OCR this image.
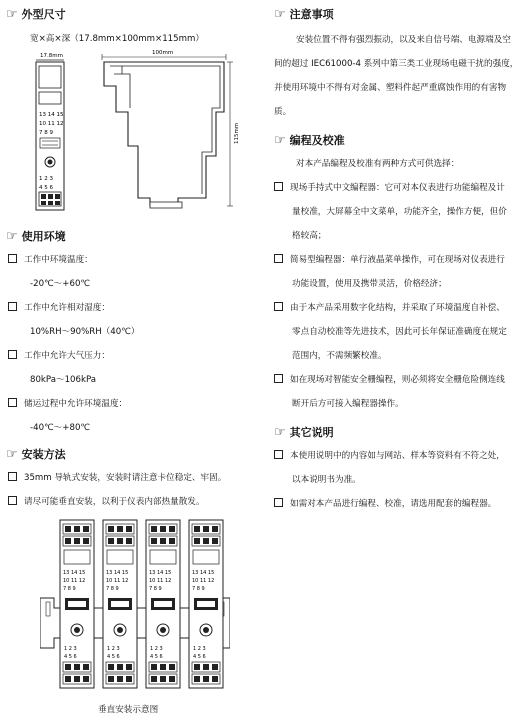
☞ 外型尺寸
宽×高×深（17.8mm×100mm×115mm）
13 14 15
10 11 12
7 8 9
1 2 3
4 5 6
17.8mm	100mm
115mm
☞ 使用环境
工作中环境温度：
-20℃～+60℃
工作中允许相对湿度：
10%RH～90%RH（40℃）
工作中允许大气压力：
80kPa～106kPa
储运过程中允许环境温度：
-40℃～+80℃
☞ 安装方法
35mm 导轨式安装，安装时请注意卡位稳定、牢固。
请尽可能垂直安装，以利于仪表内部热量散发。
13 14 15
10 11 12
7 8 9
1 2 3
4 5 6
13 14 15
10 11 12
7 8 9
1 2 3
4 5 6
13 14 15
10 11 12
7 8 9
1 2 3
4 5 6
13 14 15
10 11 12
7 8 9
1 2 3
4 5 6
垂直安装示意图
☞ 注意事项
安装位置不得有强烈振动，以及来自信号端、电源端及空
间的超过 IEC61000-4 系列中第三类工业现场电磁干扰的强度，
并使用环境中不得有对金属、塑料件起严重腐蚀作用的有害物
质。
☞ 编程及校准
对本产品编程及校准有两种方式可供选择：
现场手持式中文编程器：它可对本仪表进行功能编程及计
量校准，大屏幕全中文菜单，功能齐全，操作方便，但价
格较高；
简易型编程器：单行液晶菜单操作，可在现场对仪表进行
功能设置，使用及携带灵活，价格经济；
由于本产品采用数字化结构，并采取了环境温度自补偿、
零点自动校准等先进技术，因此可长年保证准确度在规定
范围内，不需频繁校准。
如在现场对智能安全栅编程，则必须将安全栅危险侧连线
断开后方可接入编程器操作。
☞ 其它说明
本使用说明中的内容如与网站、样本等资料有不符之处，
以本说明书为准。
如需对本产品进行编程、校准，请选用配套的编程器。
